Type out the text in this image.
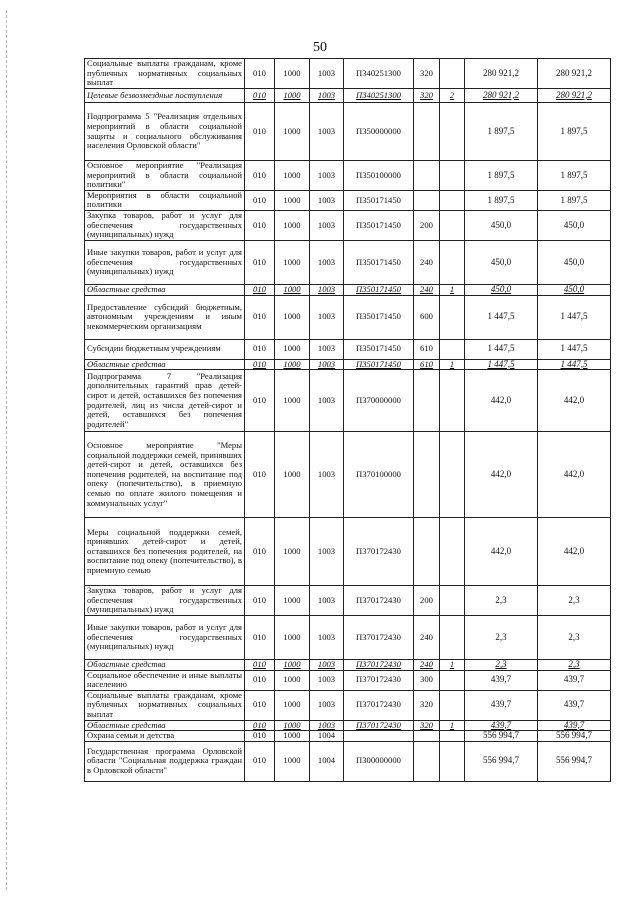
50
Социальные выплаты гражданам, кроме публичных нормативных социальных выплат	010	1000	1003	П340251300	320		280 921,2	280 921,2
Целевые безвозмездные поступления	010	1000	1003	П340251300	320	2	280 921,2	280 921,2
Подпрограмма 5 "Реализация отдельных мероприятий в области социальной защиты и социального обслуживания населения Орловской области"	010	1000	1003	П350000000			1 897,5	1 897,5
Основное мероприятие "Реализация мероприятий в области социальной политики"	010	1000	1003	П350100000			1 897,5	1 897,5
Мероприятия в области социальной политики	010	1000	1003	П350171450			1 897,5	1 897,5
Закупка товаров, работ и услуг для обеспечения государственных (муниципальных) нужд	010	1000	1003	П350171450	200		450,0	450,0
Иные закупки товаров, работ и услуг для обеспечения государственных (муниципальных) нужд	010	1000	1003	П350171450	240		450,0	450,0
Областные средства	010	1000	1003	П350171450	240	1	450,0	450,0
Предоставление субсидий бюджетным, автономным учреждениям и иным некоммерческим организациям	010	1000	1003	П350171450	600		1 447,5	1 447,5
Субсидии бюджетным учреждениям	010	1000	1003	П350171450	610		1 447,5	1 447,5
Областные средства	010	1000	1003	П350171450	610	1	1 447,5	1 447,5
Подпрограмма 7 "Реализация дополнительных гарантий прав детей-сирот и детей, оставшихся без попечения родителей, лиц из числа детей-сирот и детей, оставшихся без попечения родителей"	010	1000	1003	П370000000			442,0	442,0
Основное мероприятие "Меры социальной поддержки семей, принявших детей-сирот и детей, оставшихся без попечения родителей, на воспитание под опеку (попечительство), в приемную семью по оплате жилого помещения и коммунальных услуг"	010	1000	1003	П370100000			442,0	442,0
Меры социальной поддержки семей, принявших детей-сирот и детей, оставшихся без попечения родителей, на воспитание под опеку (попечительство), в приемную семью	010	1000	1003	П370172430			442,0	442,0
Закупка товаров, работ и услуг для обеспечения государственных (муниципальных) нужд	010	1000	1003	П370172430	200		2,3	2,3
Иные закупки товаров, работ и услуг для обеспечения государственных (муниципальных) нужд	010	1000	1003	П370172430	240		2,3	2,3
Областные средства	010	1000	1003	П370172430	240	1	2,3	2,3
Социальное обеспечение и иные выплаты населению	010	1000	1003	П370172430	300		439,7	439,7
Социальные выплаты гражданам, кроме публичных нормативных социальных выплат	010	1000	1003	П370172430	320		439,7	439,7
Областные средства	010	1000	1003	П370172430	320	1	439,7	439,7
Охрана семьи и детства	010	1000	1004				556 994,7	556 994,7
Государственная программа Орловской области "Социальная поддержка граждан в Орловской области"	010	1000	1004	П300000000			556 994,7	556 994,7
